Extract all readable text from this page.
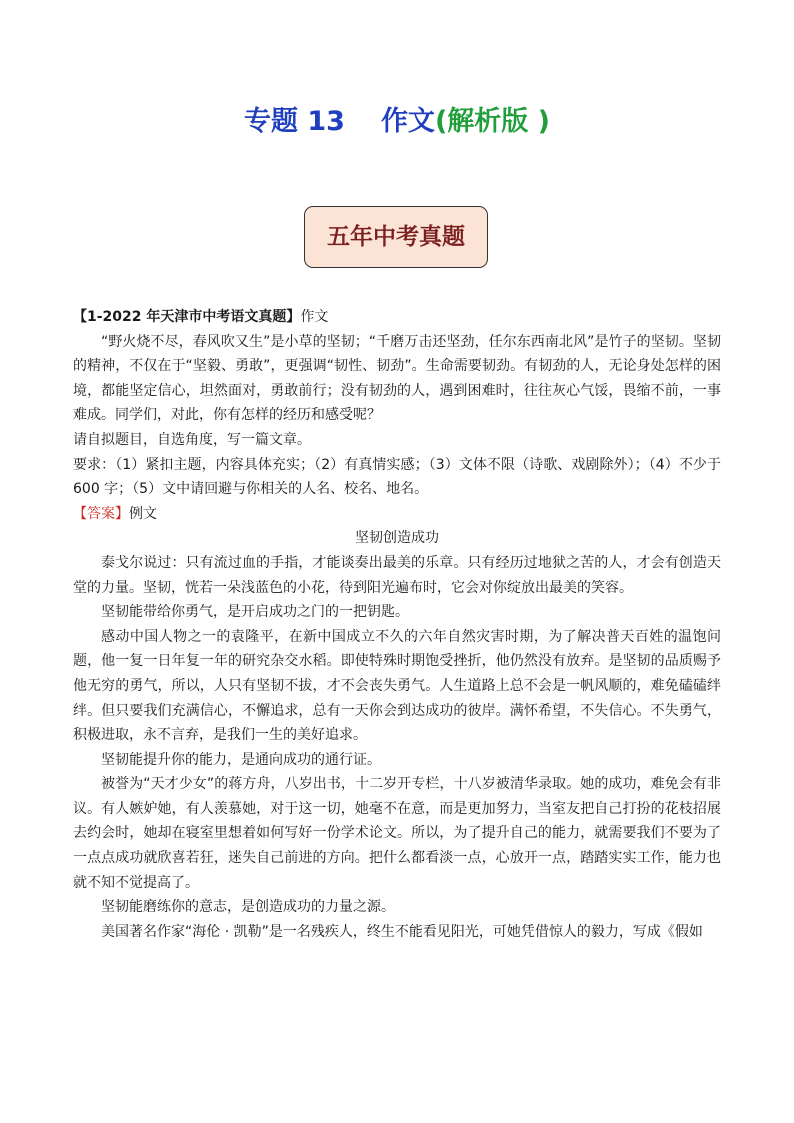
专题 13 作文(解析版 )
五年中考真题

【1-2022 年天津市中考语文真题】作文

“野火烧不尽，春风吹又生”是小草的坚韧；“千磨万击还坚劲，任尔东西南北风”是竹子的坚韧。坚韧的精神，不仅在于“坚毅、勇敢”，更强调“韧性、韧劲”。生命需要韧劲。有韧劲的人，无论身处怎样的困境，都能坚定信心，坦然面对，勇敢前行；没有韧劲的人，遇到困难时，往往灰心气馁，畏缩不前，一事难成。同学们，对此，你有怎样的经历和感受呢？

请自拟题目，自选角度，写一篇文章。

要求：（1）紧扣主题，内容具体充实；（2）有真情实感；（3）文体不限（诗歌、戏剧除外）；（4）不少于 600 字；（5）文中请回避与你相关的人名、校名、地名。

【答案】例文

坚韧创造成功

泰戈尔说过：只有流过血的手指，才能谈奏出最美的乐章。只有经历过地狱之苦的人，才会有创造天堂的力量。坚韧，恍若一朵浅蓝色的小花，待到阳光遍布时，它会对你绽放出最美的笑容。

坚韧能带给你勇气，是开启成功之门的一把钥匙。

感动中国人物之一的袁隆平，在新中国成立不久的六年自然灾害时期，为了解决普天百姓的温饱问题，他一复一日年复一年的研究杂交水稻。即使特殊时期饱受挫折，他仍然没有放弃。是坚韧的品质赐予他无穷的勇气，所以，人只有坚韧不拔，才不会丧失勇气。人生道路上总不会是一帆风顺的，难免磕磕绊绊。但只要我们充满信心，不懈追求，总有一天你会到达成功的彼岸。满怀希望，不失信心。不失勇气，积极进取，永不言弃，是我们一生的美好追求。

坚韧能提升你的能力，是通向成功的通行证。

被誉为“天才少女”的蒋方舟，八岁出书，十二岁开专栏，十八岁被清华录取。她的成功，难免会有非议。有人嫉妒她，有人羡慕她，对于这一切，她毫不在意，而是更加努力，当室友把自己打扮的花枝招展去约会时，她却在寝室里想着如何写好一份学术论文。所以，为了提升自己的能力，就需要我们不要为了一点点成功就欣喜若狂，迷失自己前进的方向。把什么都看淡一点，心放开一点，踏踏实实工作，能力也就不知不觉提高了。

坚韧能磨练你的意志，是创造成功的力量之源。

美国著名作家“海伦 · 凯勒”是一名残疾人，终生不能看见阳光，可她凭借惊人的毅力，写成《假如
